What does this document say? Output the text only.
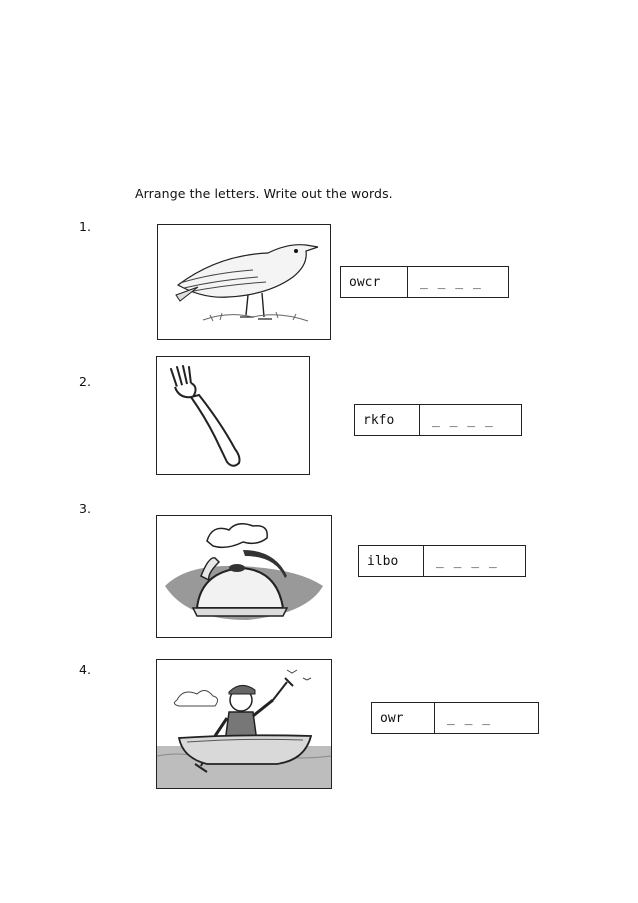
Arrange the letters. Write out the words.
1.
owcr	_ _ _ _
2.
rkfo	_ _ _ _
3.
ilbo	_ _ _ _
4.
owr	_ _ _
